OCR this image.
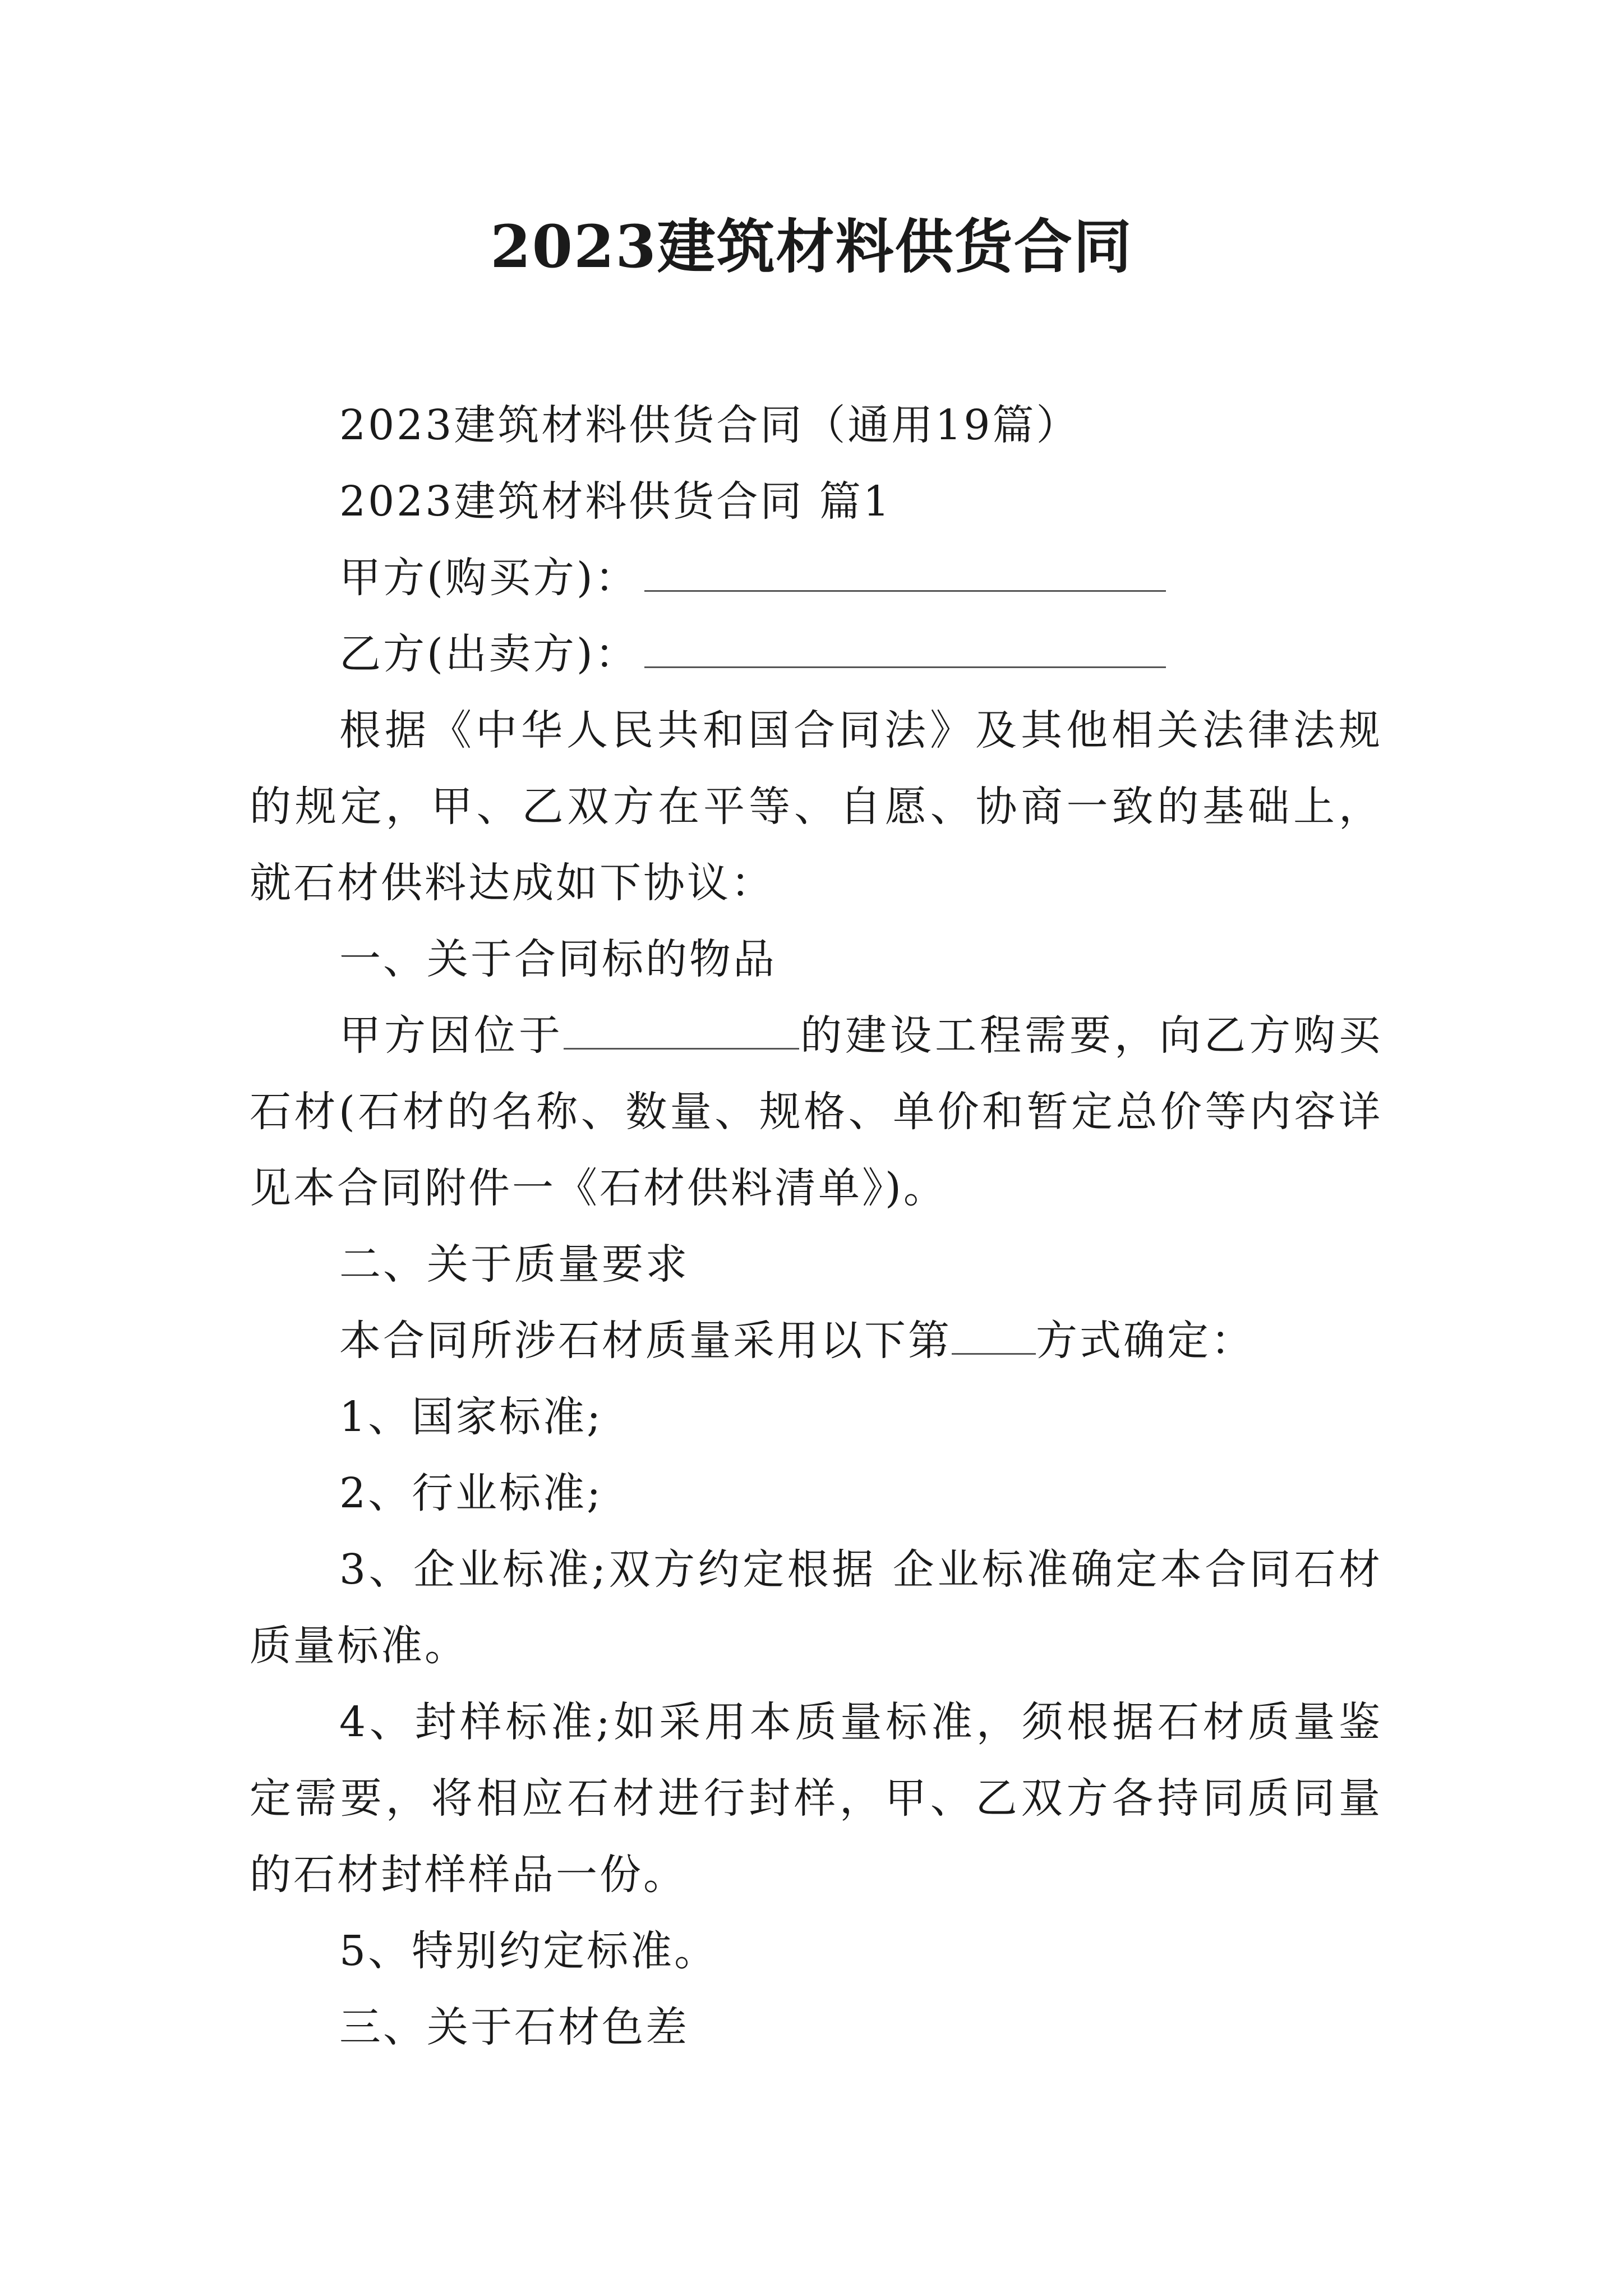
2023建筑材料供货合同

2023建筑材料供货合同（通用19篇）

2023建筑材料供货合同 篇1

甲方(购买方)：

乙方(出卖方)：

根据《中华人民共和国合同法》及其他相关法律法规的规定，甲、乙双方在平等、自愿、协商一致的基础上，就石材供料达成如下协议：

一、关于合同标的物品

甲方因位于	的建设工程需要，向乙方购买石材(石材的名称、数量、规格、单价和暂定总价等内容详见本合同附件一《石材供料清单》)。

二、关于质量要求

本合同所涉石材质量采用以下第 方式确定：

1、国家标准;

2、行业标准;

3、企业标准;双方约定根据 企业标准确定本合同石材质量标准。

4、封样标准;如采用本质量标准，须根据石材质量鉴定需要，将相应石材进行封样，甲、乙双方各持同质同量的石材封样样品一份。

5、特别约定标准。

三、关于石材色差
